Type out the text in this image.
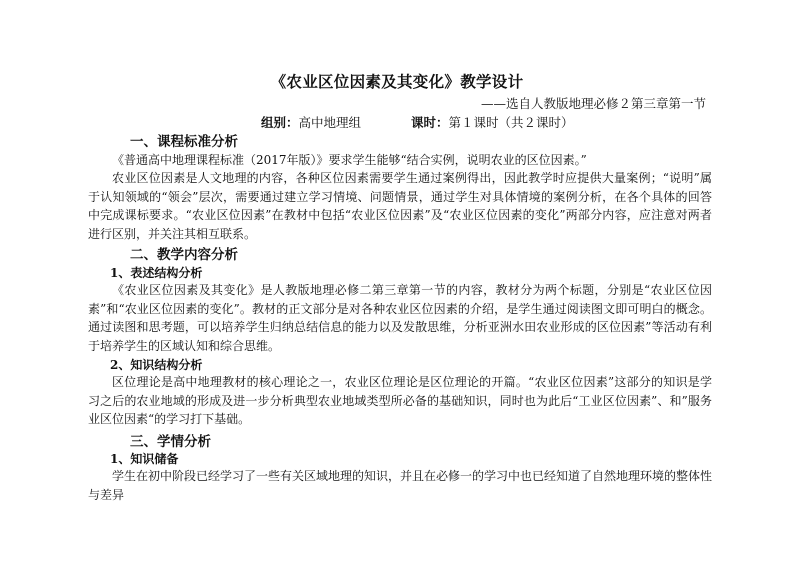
《农业区位因素及其变化》教学设计
——选自人教版地理必修２第三章第一节
组别：高中地理组	课时：第１课时（共２课时）
一、课程标准分析

《普通高中地理课程标准（2017年版）》要求学生能够“结合实例，说明农业的区位因素。”

农业区位因素是人文地理的内容，各种区位因素需要学生通过案例得出，因此教学时应提供大量案例；“说明”属于认知领域的“领会”层次，需要通过建立学习情境、问题情景，通过学生对具体情境的案例分析，在各个具体的回答中完成课标要求。“农业区位因素”在教材中包括“农业区位因素”及“农业区位因素的变化”两部分内容，应注意对两者进行区别，并关注其相互联系。

二、教学内容分析
1、表述结构分析

《农业区位因素及其变化》是人教版地理必修二第三章第一节的内容，教材分为两个标题，分别是“农业区位因素”和“农业区位因素的变化”。教材的正文部分是对各种农业区位因素的介绍，是学生通过阅读图文即可明白的概念。通过读图和思考题，可以培养学生归纳总结信息的能力以及发散思维，分析亚洲水田农业形成的区位因素”等活动有利于培养学生的区域认知和综合思维。

2、知识结构分析

区位理论是高中地理教材的核心理论之一，农业区位理论是区位理论的开篇。“农业区位因素”这部分的知识是学习之后的农业地域的形成及进一步分析典型农业地域类型所必备的基础知识，同时也为此后“工业区位因素”、和”服务业区位因素“的学习打下基础。

三、学情分析
1、知识储备

学生在初中阶段已经学习了一些有关区域地理的知识，并且在必修一的学习中也已经知道了自然地理环境的整体性与差异
